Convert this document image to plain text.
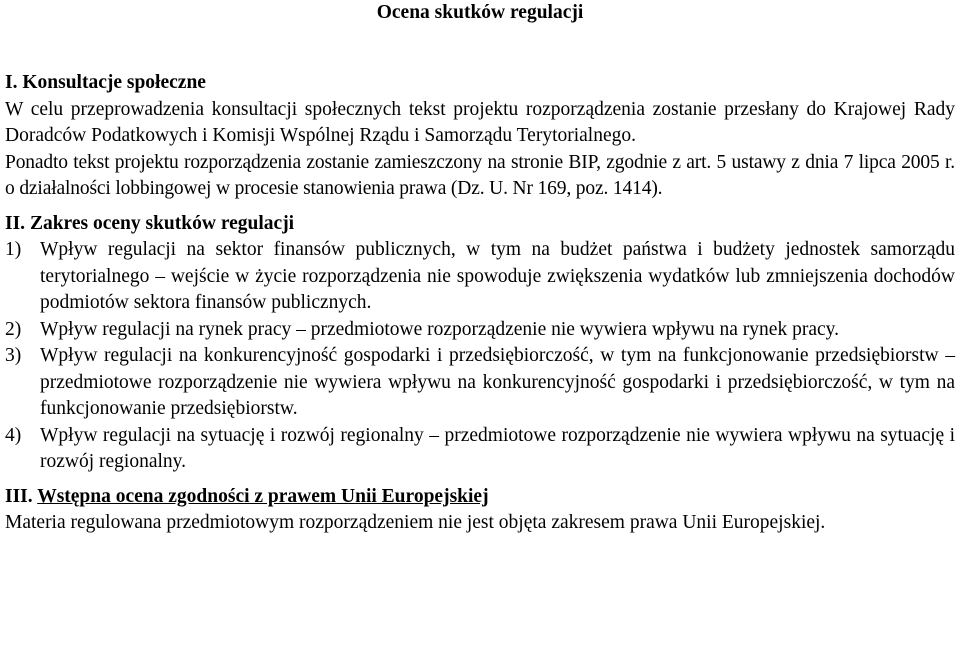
Ocena skutków regulacji

I. Konsultacje społeczne

W celu przeprowadzenia konsultacji społecznych tekst projektu rozporządzenia zostanie przesłany do Krajowej Rady Doradców Podatkowych i Komisji Wspólnej Rządu i Samorządu Terytorialnego.

Ponadto tekst projektu rozporządzenia zostanie zamieszczony na stronie BIP, zgodnie z art. 5 ustawy z dnia 7 lipca 2005 r. o działalności lobbingowej w procesie stanowienia prawa (Dz. U. Nr 169, poz. 1414).

II. Zakres oceny skutków regulacji

1) Wpływ regulacji na sektor finansów publicznych, w tym na budżet państwa i budżety jednostek samorządu terytorialnego – wejście w życie rozporządzenia nie spowoduje zwiększenia wydatków lub zmniejszenia dochodów podmiotów sektora finansów publicznych.
2) Wpływ regulacji na rynek pracy – przedmiotowe rozporządzenie nie wywiera wpływu na rynek pracy.
3) Wpływ regulacji na konkurencyjność gospodarki i przedsiębiorczość, w tym na funkcjonowanie przedsiębiorstw – przedmiotowe rozporządzenie nie wywiera wpływu na konkurencyjność gospodarki i przedsiębiorczość, w tym na funkcjonowanie przedsiębiorstw.
4) Wpływ regulacji na sytuację i rozwój regionalny – przedmiotowe rozporządzenie nie wywiera wpływu na sytuację i rozwój regionalny.

III. Wstępna ocena zgodności z prawem Unii Europejskiej

Materia regulowana przedmiotowym rozporządzeniem nie jest objęta zakresem prawa Unii Europejskiej.
